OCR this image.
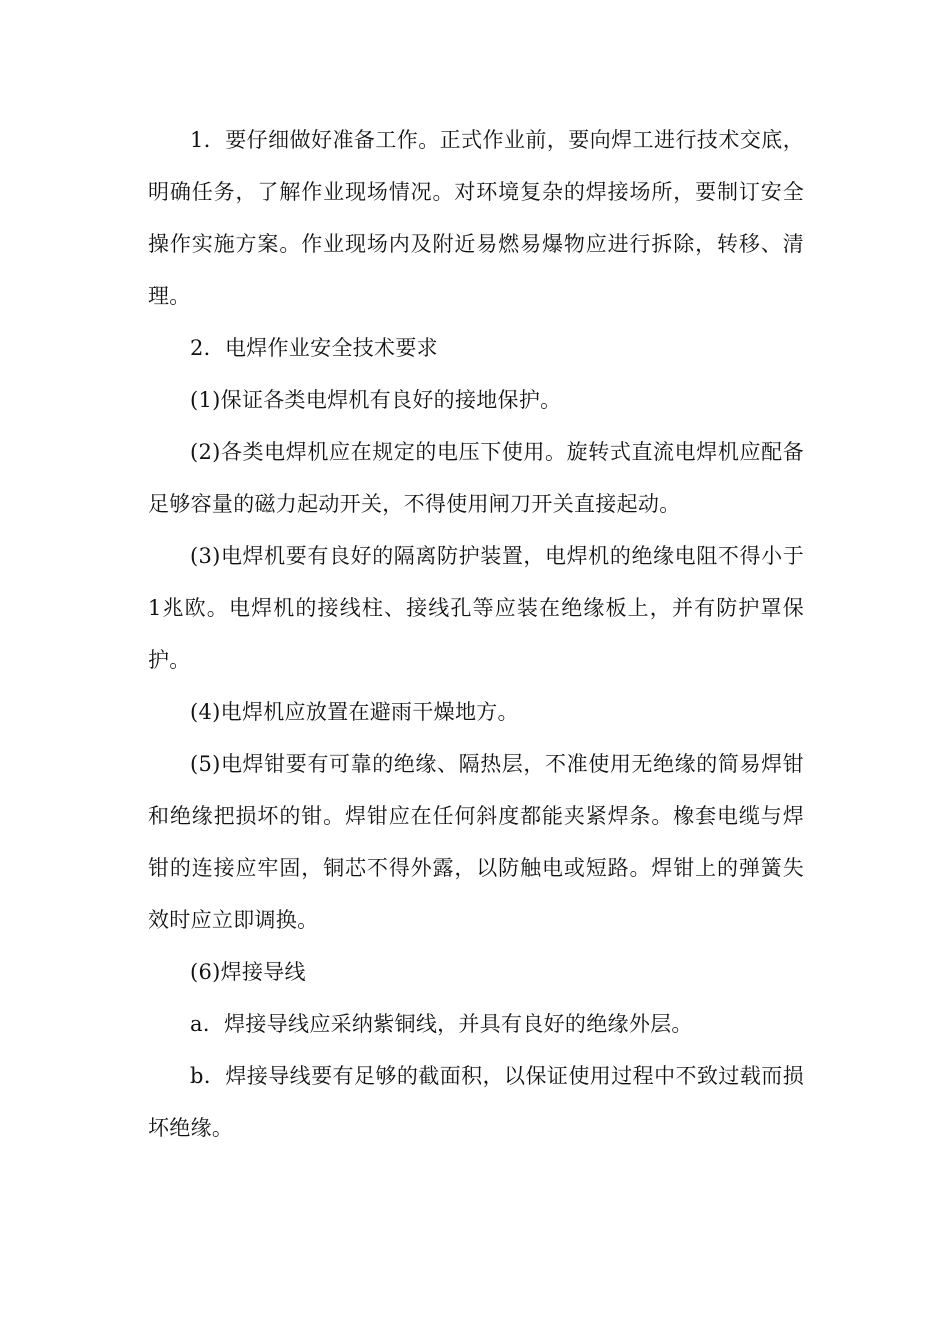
1．要仔细做好准备工作。正式作业前，要向焊工进行技术交底，明确任务，了解作业现场情况。对环境复杂的焊接场所，要制订安全操作实施方案。作业现场内及附近易燃易爆物应进行拆除，转移、清理。

2．电焊作业安全技术要求

(1)保证各类电焊机有良好的接地保护。

(2)各类电焊机应在规定的电压下使用。旋转式直流电焊机应配备足够容量的磁力起动开关，不得使用闸刀开关直接起动。

(3)电焊机要有良好的隔离防护装置，电焊机的绝缘电阻不得小于1兆欧。电焊机的接线柱、接线孔等应装在绝缘板上，并有防护罩保护。

(4)电焊机应放置在避雨干燥地方。

(5)电焊钳要有可靠的绝缘、隔热层，不准使用无绝缘的简易焊钳和绝缘把损坏的钳。焊钳应在任何斜度都能夹紧焊条。橡套电缆与焊钳的连接应牢固，铜芯不得外露，以防触电或短路。焊钳上的弹簧失效时应立即调换。

(6)焊接导线

a．焊接导线应采纳紫铜线，并具有良好的绝缘外层。

b．焊接导线要有足够的截面积，以保证使用过程中不致过载而损坏绝缘。
